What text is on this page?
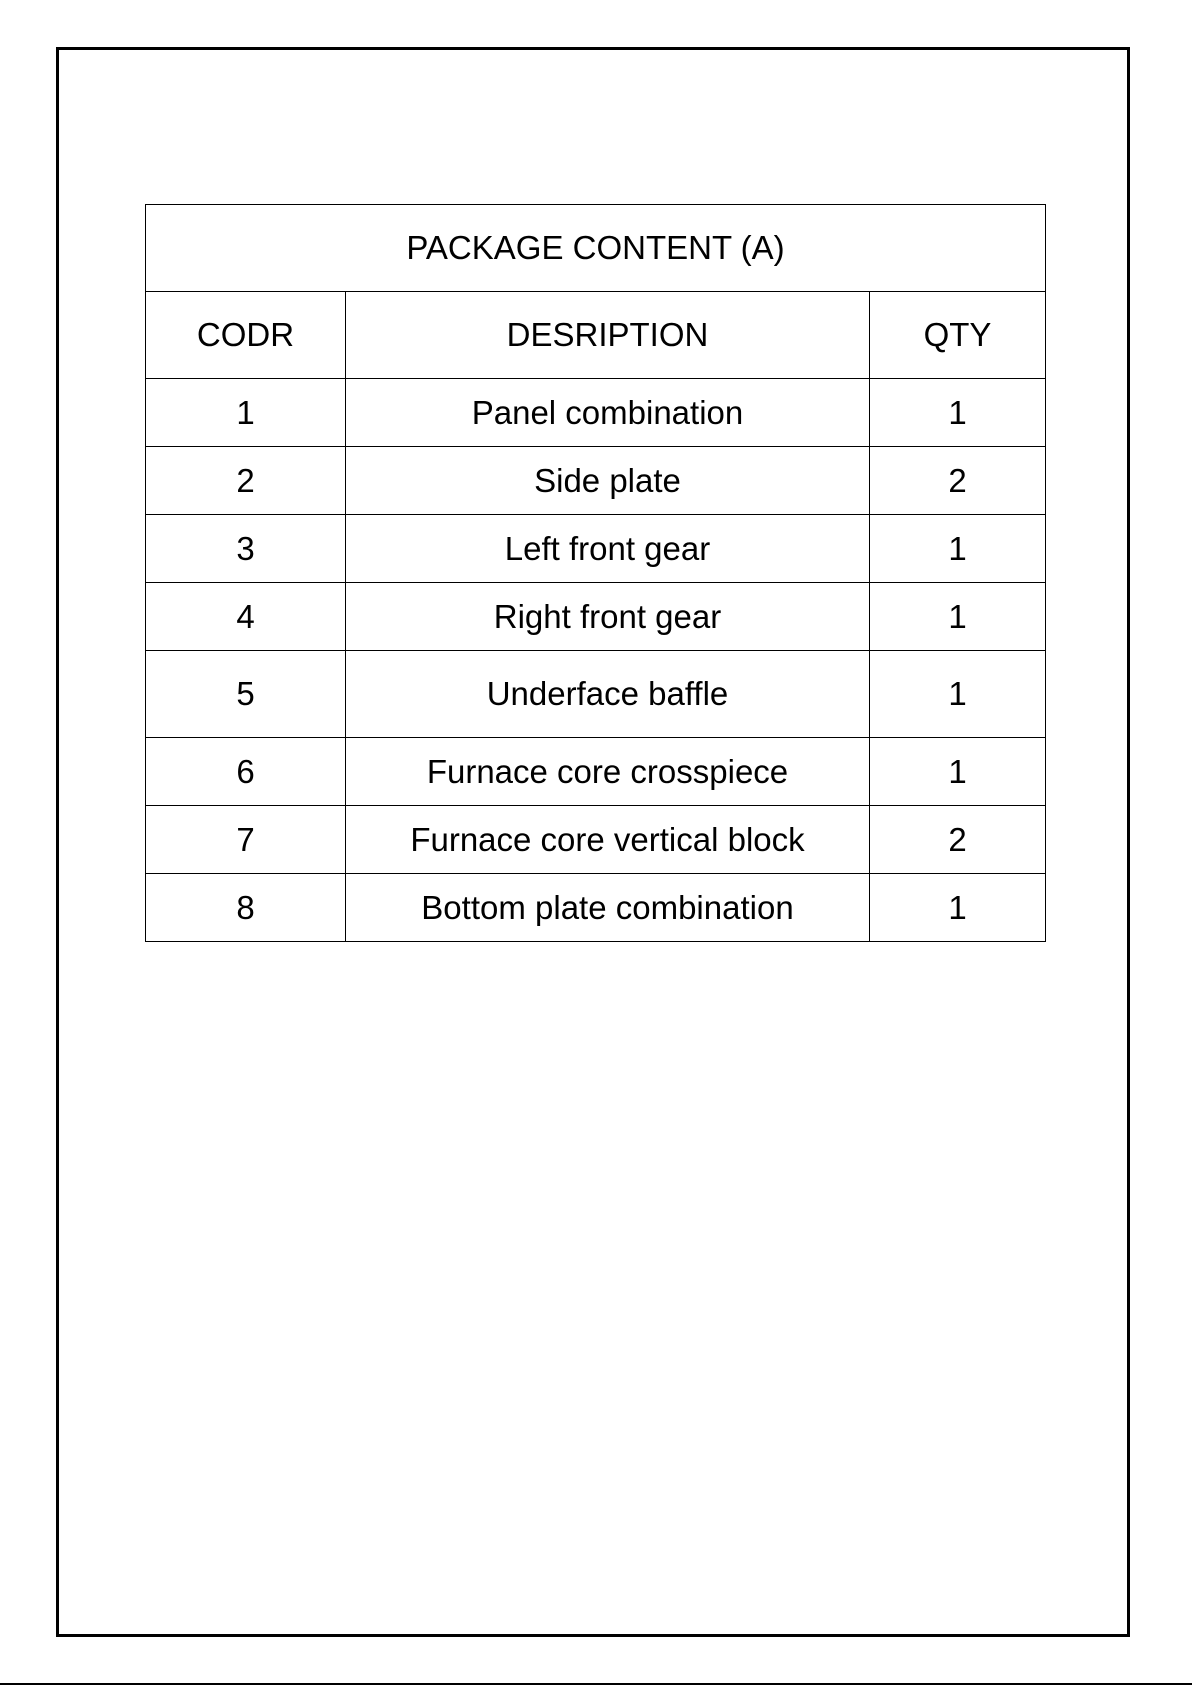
PACKAGE CONTENT (A)		
CODR	DESRIPTION	QTY
1	Panel combination	1
2	Side plate	2
3	Left front gear	1
4	Right front gear	1
5	Underface baffle	1
6	Furnace core crosspiece	1
7	Furnace core vertical block	2
8	Bottom plate combination	1
